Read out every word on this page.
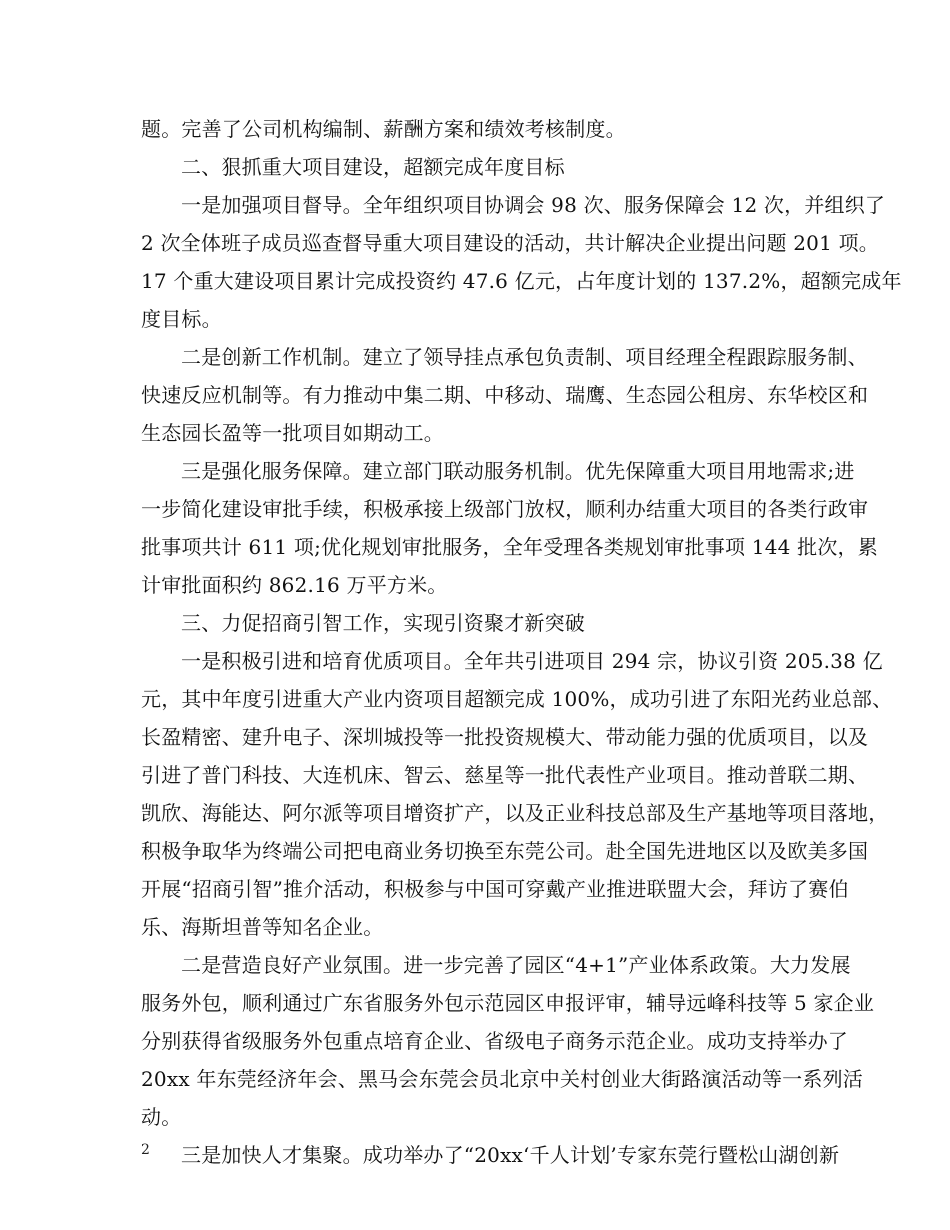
题。完善了公司机构编制、薪酬方案和绩效考核制度。
二、狠抓重大项目建设，超额完成年度目标
一是加强项目督导。全年组织项目协调会 98 次、服务保障会 12 次，并组织了
2 次全体班子成员巡查督导重大项目建设的活动，共计解决企业提出问题 201 项。
17 个重大建设项目累计完成投资约 47.6 亿元，占年度计划的 137.2%，超额完成年
度目标。
二是创新工作机制。建立了领导挂点承包负责制、项目经理全程跟踪服务制、
快速反应机制等。有力推动中集二期、中移动、瑞鹰、生态园公租房、东华校区和
生态园长盈等一批项目如期动工。
三是强化服务保障。建立部门联动服务机制。优先保障重大项目用地需求;进
一步简化建设审批手续，积极承接上级部门放权，顺利办结重大项目的各类行政审
批事项共计 611 项;优化规划审批服务，全年受理各类规划审批事项 144 批次，累
计审批面积约 862.16 万平方米。
三、力促招商引智工作，实现引资聚才新突破
一是积极引进和培育优质项目。全年共引进项目 294 宗，协议引资 205.38 亿
元，其中年度引进重大产业内资项目超额完成 100%，成功引进了东阳光药业总部、
长盈精密、建升电子、深圳城投等一批投资规模大、带动能力强的优质项目，以及
引进了普门科技、大连机床、智云、慈星等一批代表性产业项目。推动普联二期、
凯欣、海能达、阿尔派等项目增资扩产，以及正业科技总部及生产基地等项目落地，
积极争取华为终端公司把电商业务切换至东莞公司。赴全国先进地区以及欧美多国
开展“招商引智”推介活动，积极参与中国可穿戴产业推进联盟大会，拜访了赛伯
乐、海斯坦普等知名企业。
二是营造良好产业氛围。进一步完善了园区“4+1”产业体系政策。大力发展
服务外包，顺利通过广东省服务外包示范园区申报评审，辅导远峰科技等 5 家企业
分别获得省级服务外包重点培育企业、省级电子商务示范企业。成功支持举办了
20xx 年东莞经济年会、黑马会东莞会员北京中关村创业大街路演活动等一系列活
动。
三是加快人才集聚。成功举办了“20xx‘千人计划’专家东莞行暨松山湖创新
2
